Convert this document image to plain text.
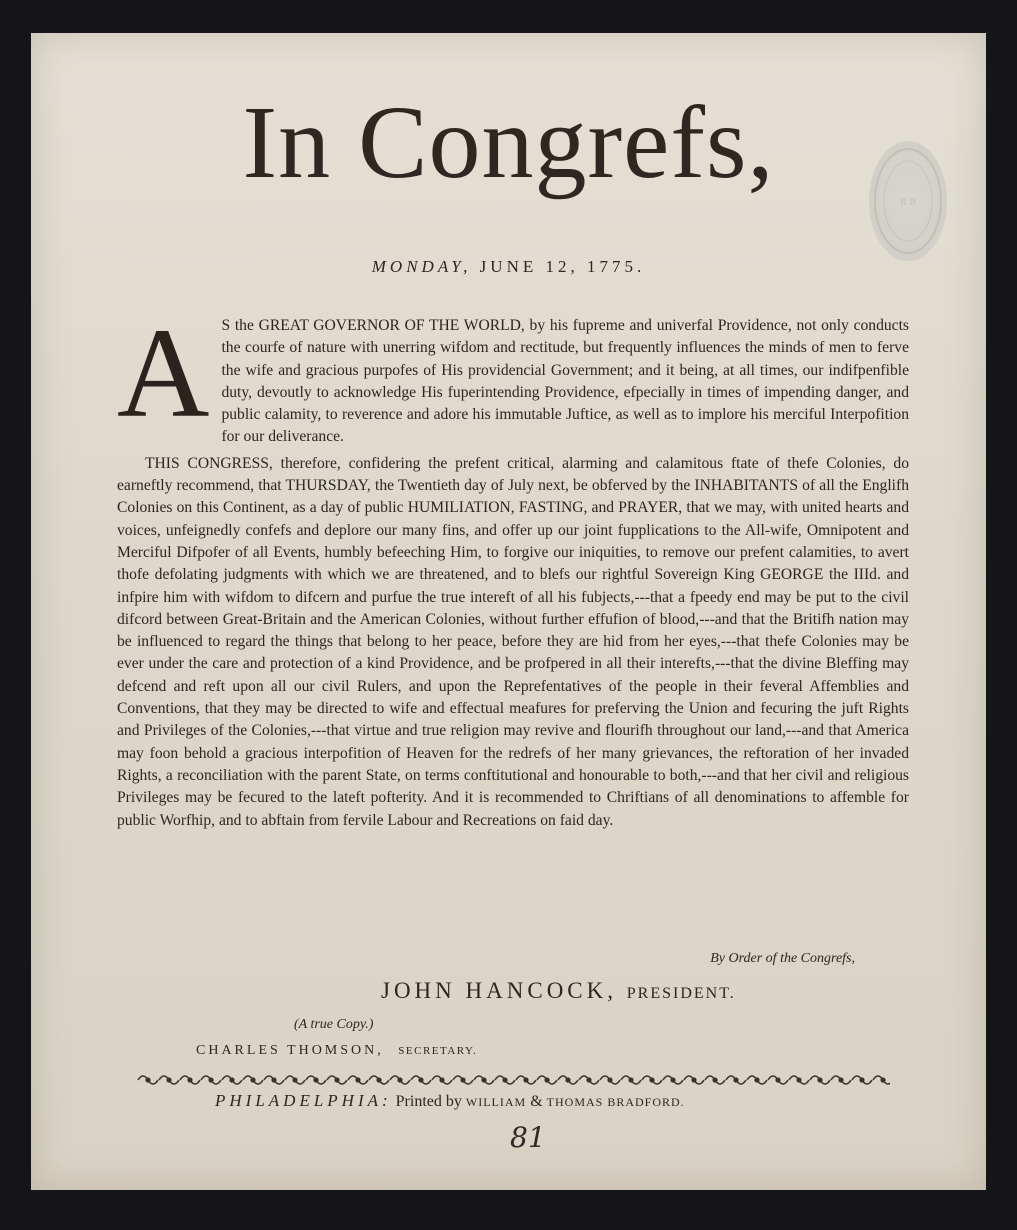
R B
In Congrefs,
MONDAY, JUNE 12, 1775.

A S the GREAT GOVERNOR OF THE WORLD, by his fupreme and univerfal Providence, not only conducts the courfe of nature with unerring wifdom and rectitude, but frequently influences the minds of men to ferve the wife and gracious purpofes of His providencial Government; and it being, at all times, our indifpenfible duty, devoutly to acknowledge His fuperintending Providence, efpecially in times of impending danger, and public calamity, to reverence and adore his immutable Juftice, as well as to implore his merciful Interpofition for our deliverance.

THIS CONGRESS, therefore, confidering the prefent critical, alarming and calamitous ftate of thefe Colonies, do earneftly recommend, that THURSDAY, the Twentieth day of July next, be obferved by the INHABITANTS of all the Englifh Colonies on this Continent, as a day of public HUMILIATION, FASTING, and PRAYER, that we may, with united hearts and voices, unfeignedly confefs and deplore our many fins, and offer up our joint fupplications to the All-wife, Omnipotent and Merciful Difpofer of all Events, humbly befeeching Him, to forgive our iniquities, to remove our prefent calamities, to avert thofe defolating judgments with which we are threatened, and to blefs our rightful Sovereign King GEORGE the IIId. and infpire him with wifdom to difcern and purfue the true intereft of all his fubjects,---that a fpeedy end may be put to the civil difcord between Great-Britain and the American Colonies, without further effufion of blood,---and that the Britifh nation may be influenced to regard the things that belong to her peace, before they are hid from her eyes,---that thefe Colonies may be ever under the care and protection of a kind Providence, and be profpered in all their interefts,---that the divine Bleffing may defcend and reft upon all our civil Rulers, and upon the Reprefentatives of the people in their feveral Affemblies and Conventions, that they may be directed to wife and effectual meafures for preferving the Union and fecuring the juft Rights and Privileges of the Colonies,---that virtue and true religion may revive and flourifh throughout our land,---and that America may foon behold a gracious interpofition of Heaven for the redrefs of her many grievances, the reftoration of her invaded Rights, a reconciliation with the parent State, on terms conftitutional and honourable to both,---and that her civil and religious Privileges may be fecured to the lateft pofterity. And it is recommended to Chriftians of all denominations to affemble for public Worfhip, and to abftain from fervile Labour and Recreations on faid day.

By Order of the Congrefs,
JOHN HANCOCK, PRESIDENT.
(A true Copy.)
CHARLES THOMSON, SECRETARY.
PHILADELPHIA: Printed by WILLIAM & THOMAS BRADFORD.
81
